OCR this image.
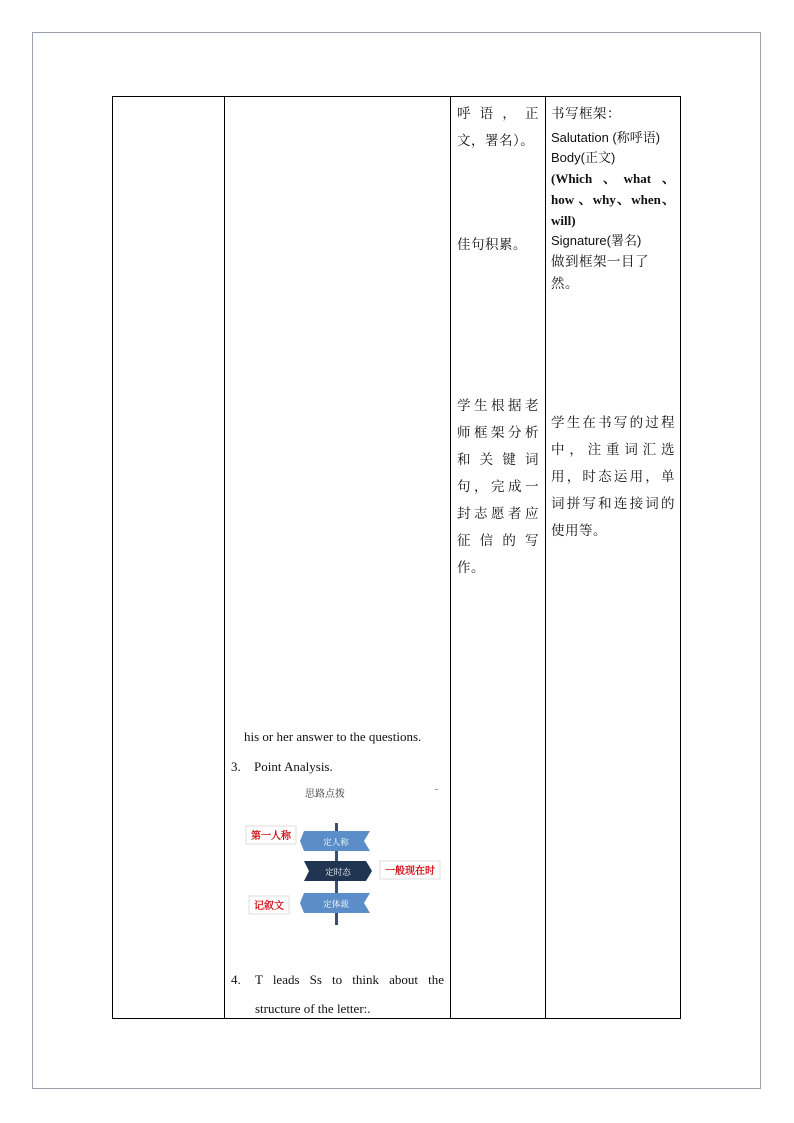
呼语，正文，署名）。
佳句积累。
学生根据老师框架分析和关键词句，完成一封志愿者应征信的写作。
书写框架：
Salutation (称呼语)
Body(正文)
(Which 、what 、how 、why、when、will)
Signature(署名)
做到框架一目了然。
学生在书写的过程中，注重词汇选用，时态运用，单词拼写和连接词的使用等。
his or her answer to the questions.
3. Point Analysis.
思路点拨
定人称
定时态
定体裁
第一人称
一般现在时
记叙文
4. T leads Ss to think about the
structure of the letter:.
